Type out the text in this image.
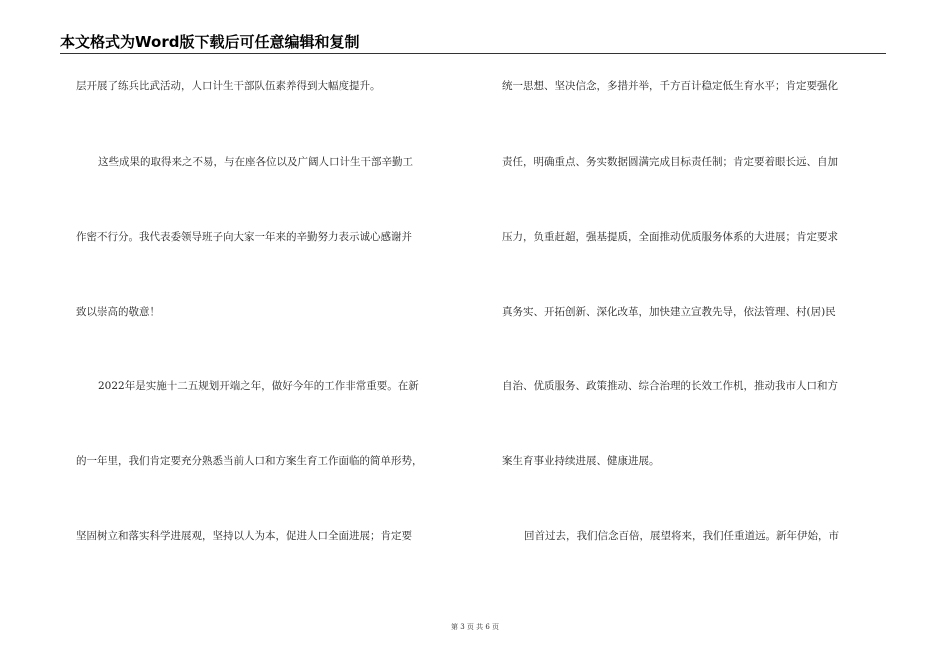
本文格式为Word版下载后可任意编辑和复制
层开展了练兵比武活动，人口计生干部队伍素养得到大幅度提升。
这些成果的取得来之不易，与在座各位以及广阔人口计生干部辛勤工
作密不行分。我代表委领导班子向大家一年来的辛勤努力表示诚心感谢并
致以崇高的敬意！
2022年是实施十二五规划开端之年，做好今年的工作非常重要。在新
的一年里，我们肯定要充分熟悉当前人口和方案生育工作面临的简单形势，
坚固树立和落实科学进展观，坚持以人为本，促进人口全面进展；肯定要
统一思想、坚决信念，多措并举，千方百计稳定低生育水平；肯定要强化
责任，明确重点、务实数据圆满完成目标责任制；肯定要着眼长远、自加
压力，负重赶超，强基提质，全面推动优质服务体系的大进展；肯定要求
真务实、开拓创新、深化改革，加快建立宣教先导，依法管理、村(居)民
自治、优质服务、政策推动、综合治理的长效工作机，推动我市人口和方
案生育事业持续进展、健康进展。
回首过去，我们信念百倍，展望将来，我们任重道远。新年伊始，市
第 3 页 共 6 页
